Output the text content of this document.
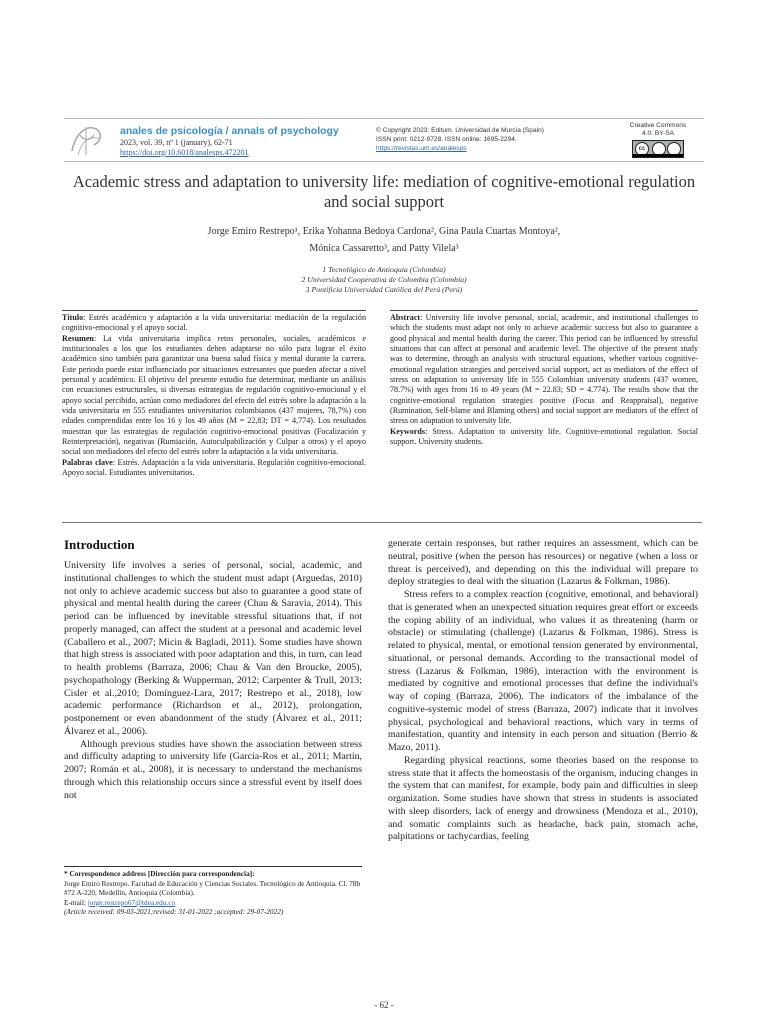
anales de psicología / annals of psychology
2023, vol. 39, nº 1 (january), 62-71
https://doi.org/10.6018/analesps.472201
© Copyright 2023: Editum. Universidad de Murcia (Spain)
ISSN print: 0212-9728. ISSN online: 1695-2294.
https://revistas.um.es/analesps
Creative Commons
4.0: BY-SA
cc
Academic stress and adaptation to university life: mediation of cognitive-emotional regulation and social support
Jorge Emiro Restrepo¹, Erika Yohanna Bedoya Cardona², Gina Paula Cuartas Montoya²,
Mónica Cassaretto³, and Patty Vilela³
1 Tecnológico de Antioquia (Colombia)
2 Universidad Cooperativa de Colombia (Colombia)
3 Pontificia Universidad Católica del Perú (Perú)
Título: Estrés académico y adaptación a la vida universitaria: mediación de la regulación cognitivo-emocional y el apoyo social.
Resumen: La vida universitaria implica retos personales, sociales, académicos e institucionales a los que los estudiantes deben adaptarse no sólo para lograr el éxito académico sino también para garantizar una buena salud física y mental durante la carrera. Este periodo puede estar influenciado por situaciones estresantes que pueden afectar a nivel personal y académico. El objetivo del presente estudio fue determinar, mediante un análisis con ecuaciones estructurales, si diversas estrategias de regulación cognitivo-emocional y el apoyo social percibido, actúan como mediadores del efecto del estrés sobre la adaptación a la vida universitaria en 555 estudiantes universitarios colombianos (437 mujeres, 78,7%) con edades comprendidas entre los 16 y los 49 años (M = 22,83; DT = 4,774). Los resultados muestran que las estrategias de regulación cognitivo-emocional positivas (Focalización y Reinterpretación), negativas (Rumiación, Autoculpabilización y Culpar a otros) y el apoyo social son mediadores del efecto del estrés sobre la adaptación a la vida universitaria.
Palabras clave: Estrés. Adaptación a la vida universitaria. Regulación cognitivo-emocional. Apoyo social. Estudiantes universitarios.
Abstract: University life involve personal, social, academic, and institutional challenges to which the students must adapt not only to achieve academic success but also to guarantee a good physical and mental health during the career. This period can be influenced by stressful situations that can affect at personal and academic level. The objective of the present study was to determine, through an analysis with structural equations, whether various cognitive-emotional regulation strategies and perceived social support, act as mediators of the effect of stress on adaptation to university life in 555 Colombian university students (437 women, 78.7%) with ages from 16 to 49 years (M = 22.83; SD = 4.774). The results show that the cognitive-emotional regulation strategies positive (Focus and Reappraisal), negative (Rumination, Self-blame and Blaming others) and social support are mediators of the effect of stress on adaptation to university life.
Keywords: Stress. Adaptation to university life. Cognitive-emotional regulation. Social support. University students.
Introduction

University life involves a series of personal, social, academic, and institutional challenges to which the student must adapt (Arguedas, 2010) not only to achieve academic success but also to guarantee a good state of physical and mental health during the career (Chau & Saravia, 2014). This period can be influenced by inevitable stressful situations that, if not properly managed, can affect the student at a personal and academic level (Caballero et al., 2007; Micin & Bagladi, 2011). Some studies have shown that high stress is associated with poor adaptation and this, in turn, can lead to health problems (Barraza, 2006; Chau & Van den Broucke, 2005), psychopathology (Berking & Wupperman, 2012; Carpenter & Trull, 2013; Cisler et al.,2010; Domínguez-Lara, 2017; Restrepo et al., 2018), low academic performance (Richardson et al., 2012), prolongation, postponement or even abandonment of the study (Álvarez et al., 2011; Álvarez et al., 2006).

Although previous studies have shown the association between stress and difficulty adapting to university life (García-Ros et al., 2011; Martín, 2007; Román et al., 2008), it is necessary to understand the mechanisms through which this relationship occurs since a stressful event by itself does not

generate certain responses, but rather requires an assessment, which can be neutral, positive (when the person has resources) or negative (when a loss or threat is perceived), and depending on this the individual will prepare to deploy strategies to deal with the situation (Lazarus & Folkman, 1986).

Stress refers to a complex reaction (cognitive, emotional, and behavioral) that is generated when an unexpected situation requires great effort or exceeds the coping ability of an individual, who values it as threatening (harm or obstacle) or stimulating (challenge) (Lazarus & Folkman, 1986). Stress is related to physical, mental, or emotional tension generated by environmental, situational, or personal demands. According to the transactional model of stress (Lazarus & Folkman, 1986), interaction with the environment is mediated by cognitive and emotional processes that define the individual's way of coping (Barraza, 2006). The indicators of the imbalance of the cognitive-systemic model of stress (Barraza, 2007) indicate that it involves physical, psychological and behavioral reactions, which vary in terms of manifestation, quantity and intensity in each person and situation (Berrio & Mazo, 2011).

Regarding physical reactions, some theories based on the response to stress state that it affects the homeostasis of the organism, inducing changes in the system that can manifest, for example, body pain and difficulties in sleep organization. Some studies have shown that stress in students is associated with sleep disorders, lack of energy and drowsiness (Mendoza et al., 2010), and somatic complaints such as headache, back pain, stomach ache, palpitations or tachycardias, feeling

* Correspondence address [Dirección para correspondencia]:
Jorge Emiro Restrepo. Facultad de Educación y Ciencias Sociales. Tecnológico de Antioquia. Cl. 78b #72 A-220, Medellín, Antioquia (Colombia).
E-mail: jorge.restrepo67@tdea.edu.co
(Article received: 09-03-2021;revised: 31-01-2022 ;accepted: 29-07-2022)
- 62 -
